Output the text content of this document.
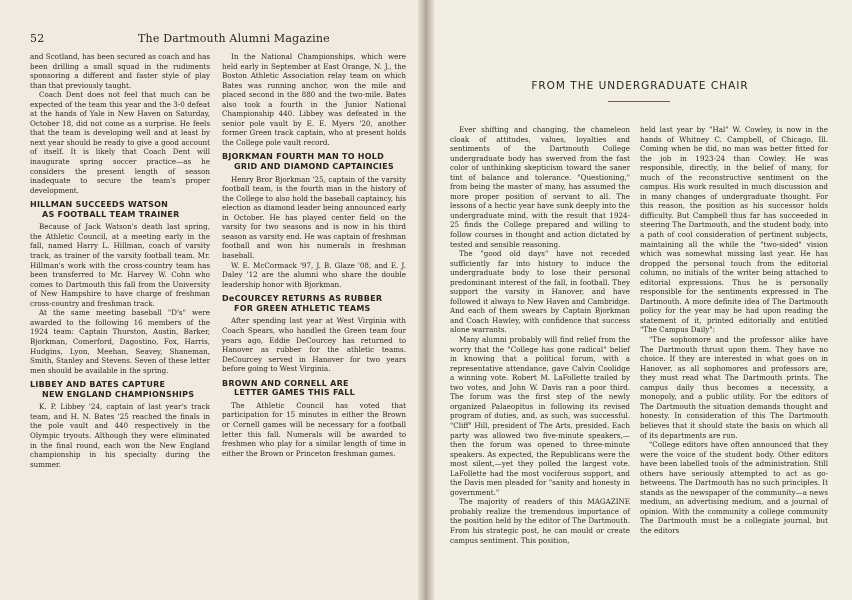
52	The Dartmouth Alumni Magazine

and Scotland, has been secured as coach and has been drilling a small squad in the rudiments sponsoring a different and faster style of play than that previously taught.

Coach Dent does not feel that much can be expected of the team this year and the 3-0 defeat at the hands of Yale in New Haven on Saturday, October 18, did not come as a surprise. He feels that the team is developing well and at least by next year should be ready to give a good account of itself. It is likely that Coach Dent will inaugurate spring soccer practice—as he considers the present length of season inadequate to secure the team's proper development.

HILLMAN SUCCEEDS WATSON
AS FOOTBALL TEAM TRAINER

Because of Jack Watson's death last spring, the Athletic Council, at a meeting early in the fall, named Harry L. Hillman, coach of varsity track, as trainer of the varsity football team. Mr. Hillman's work with the cross-country team has been transferred to Mr. Harvey W. Cohn who comes to Dartmouth this fall from the University of New Hampshire to have charge of freshman cross-country and freshman track.

At the same meeting baseball "D's" were awarded to the following 16 members of the 1924 team: Captain Thurston, Austin, Barker, Bjorkman, Comerford, Dagostino, Fox, Harris, Hudgins, Lyon, Meehan, Seavey, Shaneman, Smith, Stanley and Stevens. Seven of these letter men should be available in the spring.

LIBBEY AND BATES CAPTURE
NEW ENGLAND CHAMPIONSHIPS

K. P. Libbey '24, captain of last year's track team, and H. N. Bates '25 reached the finals in the pole vault and 440 respectively in the Olympic tryouts. Although they were eliminated in the final round, each won the New England championship in his specialty during the summer.

In the National Championships, which were held early in September at East Orange, N. J., the Boston Athletic Association relay team on which Bates was running anchor, won the mile and placed second in the 880 and the two-mile. Bates also took a fourth in the Junior National Championship 440. Libbey was defeated in the senior pole vault by E. E. Myers '20, another former Green track captain, who at present holds the College pole vault record.

BJORKMAN FOURTH MAN TO HOLD
GRID AND DIAMOND CAPTAINCIES

Henry Bror Bjorkman '25, captain of the varsity football team, is the fourth man in the history of the College to also hold the baseball captaincy, his election as diamond leader being announced early in October. He has played center field on the varsity for two seasons and is now in his third season as varsity end. He was captain of freshman football and won his numerals in freshman baseball.

W. E. McCormack '97, J. B. Glaze '08, and E. J. Daley '12 are the alumni who share the double leadership honor with Bjorkman.

DeCOURCEY RETURNS AS RUBBER
FOR GREEN ATHLETIC TEAMS

After spending last year at West Virginia with Coach Spears, who handled the Green team four years ago, Eddie DeCourcey has returned to Hanover as rubber for the athletic teams. DeCourcey served in Hanover for two years before going to West Virginia.

BROWN AND CORNELL ARE
LETTER GAMES THIS FALL

The Athletic Council has voted that participation for 15 minutes in either the Brown or Cornell games will be necessary for a football letter this fall. Numerals will be awarded to freshmen who play for a similar length of time in either the Brown or Princeton freshman games.

FROM THE UNDERGRADUATE CHAIR

Ever shifting and changing, the chameleon cloak of attitudes, values, loyalties and sentiments of the Dartmouth College undergraduate body has swerved from the fast color of unthinking skepticism toward the saner tint of balance and tolerance. "Questioning," from being the master of many, has assumed the more proper position of servant to all. The lessons of a hectic year have sunk deeply into the undergraduate mind, with the result that 1924-25 finds the College prepared and willing to follow courses in thought and action dictated by tested and sensible reasoning.

The "good old days" have not receded sufficiently far into history to induce the undergraduate body to lose their personal predominant interest of the fall, in football. They support the varsity in Hanover, and have followed it always to New Haven and Cambridge. And each of them swears by Captain Bjorkman and Coach Hawley, with confidence that success alone warrants.

Many alumni probably will find relief from the worry that the "College has gone radical" belief in knowing that a political forum, with a representative attendance, gave Calvin Coolidge a winning vote. Robert M. LaFollette trailed by two votes, and John W. Davis ran a poor third. The forum was the first step of the newly organized Palaeopitus in following its revised program of duties, and, as such, was successful. "Cliff" Hill, president of The Arts, presided. Each party was allowed two five-minute speakers,—then the forum was opened to three-minute speakers. As expected, the Republicans were the most silent,—yet they polled the largest vote. LaFollette had the most vociferous support, and the Davis men pleaded for "sanity and honesty in government."

The majority of readers of this MAGAZINE probably realize the tremendous importance of the position held by the editor of The Dartmouth. From his strategic post, he can mould or create campus sentiment. This position,

held last year by "Hal" W. Cowley, is now in the hands of Whitney C. Campbell, of Chicago, Ill. Coming when he did, no man was better fitted for the job in 1923-24 than Cowley. He was responsible, directly, in the belief of many, for much of the reconstructive sentiment on the campus. His work resulted in much discussion and in many changes of undergraduate thought. For this reason, the position as his successor holds difficulty. But Campbell thus far has succeeded in steering The Dartmouth, and the student body, into a path of cool consideration of pertinent subjects, maintaining all the while the "two-sided" vision which was somewhat missing last year. He has dropped the personal touch from the editorial column, no initials of the writer being attached to editorial expressions. Thus he is personally responsible for the sentiments expressed in The Dartmouth. A more definite idea of The Dartmouth policy for the year may be had upon reading the statement of it, printed editorially and entitled "The Campus Daily":

"The sophomore and the professor alike have The Dartmouth thrust upon them. They have no choice. If they are interested in what goes on in Hanover, as all sophomores and professors are, they must read what The Dartmouth prints. The campus daily thus becomes a necessity, a monopoly, and a public utility. For the editors of The Dartmouth the situation demands thought and honesty. In consideration of this The Dartmouth believes that it should state the basis on which all of its departments are run.

"College editors have often announced that they were the voice of the student body. Other editors have been labelled tools of the administration. Still others have seriously attempted to act as go-betweens. The Dartmouth has no such principles. It stands as the newspaper of the community—a news medium, an advertising medium, and a journal of opinion. With the community a college community The Dartmouth must be a collegiate journal, but the editors
